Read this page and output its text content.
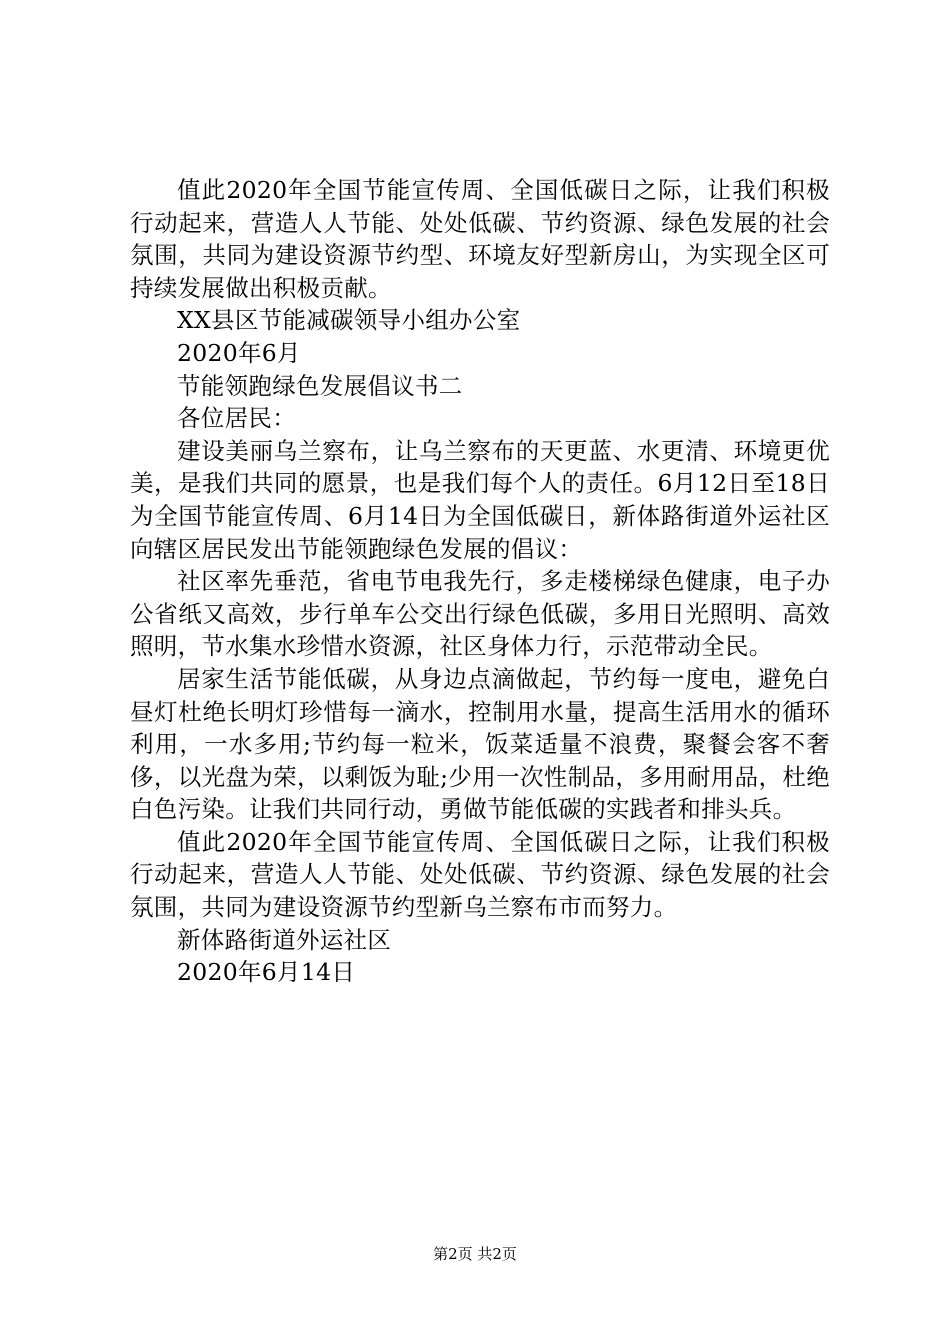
值此2020年全国节能宣传周、全国低碳日之际，让我们积极行动起来，营造人人节能、处处低碳、节约资源、绿色发展的社会氛围，共同为建设资源节约型、环境友好型新房山，为实现全区可持续发展做出积极贡献。

XX县区节能减碳领导小组办公室

2020年6月

节能领跑绿色发展倡议书二

各位居民：

建设美丽乌兰察布，让乌兰察布的天更蓝、水更清、环境更优美，是我们共同的愿景，也是我们每个人的责任。6月12日至18日为全国节能宣传周、6月14日为全国低碳日，新体路街道外运社区向辖区居民发出节能领跑绿色发展的倡议：

社区率先垂范，省电节电我先行，多走楼梯绿色健康，电子办公省纸又高效，步行单车公交出行绿色低碳，多用日光照明、高效照明，节水集水珍惜水资源，社区身体力行，示范带动全民。

居家生活节能低碳，从身边点滴做起，节约每一度电，避免白昼灯杜绝长明灯珍惜每一滴水，控制用水量，提高生活用水的循环利用，一水多用;节约每一粒米，饭菜适量不浪费，聚餐会客不奢侈，以光盘为荣，以剩饭为耻;少用一次性制品，多用耐用品，杜绝白色污染。让我们共同行动，勇做节能低碳的实践者和排头兵。

值此2020年全国节能宣传周、全国低碳日之际，让我们积极行动起来，营造人人节能、处处低碳、节约资源、绿色发展的社会氛围，共同为建设资源节约型新乌兰察布市而努力。

新体路街道外运社区

2020年6月14日

第2页 共2页
